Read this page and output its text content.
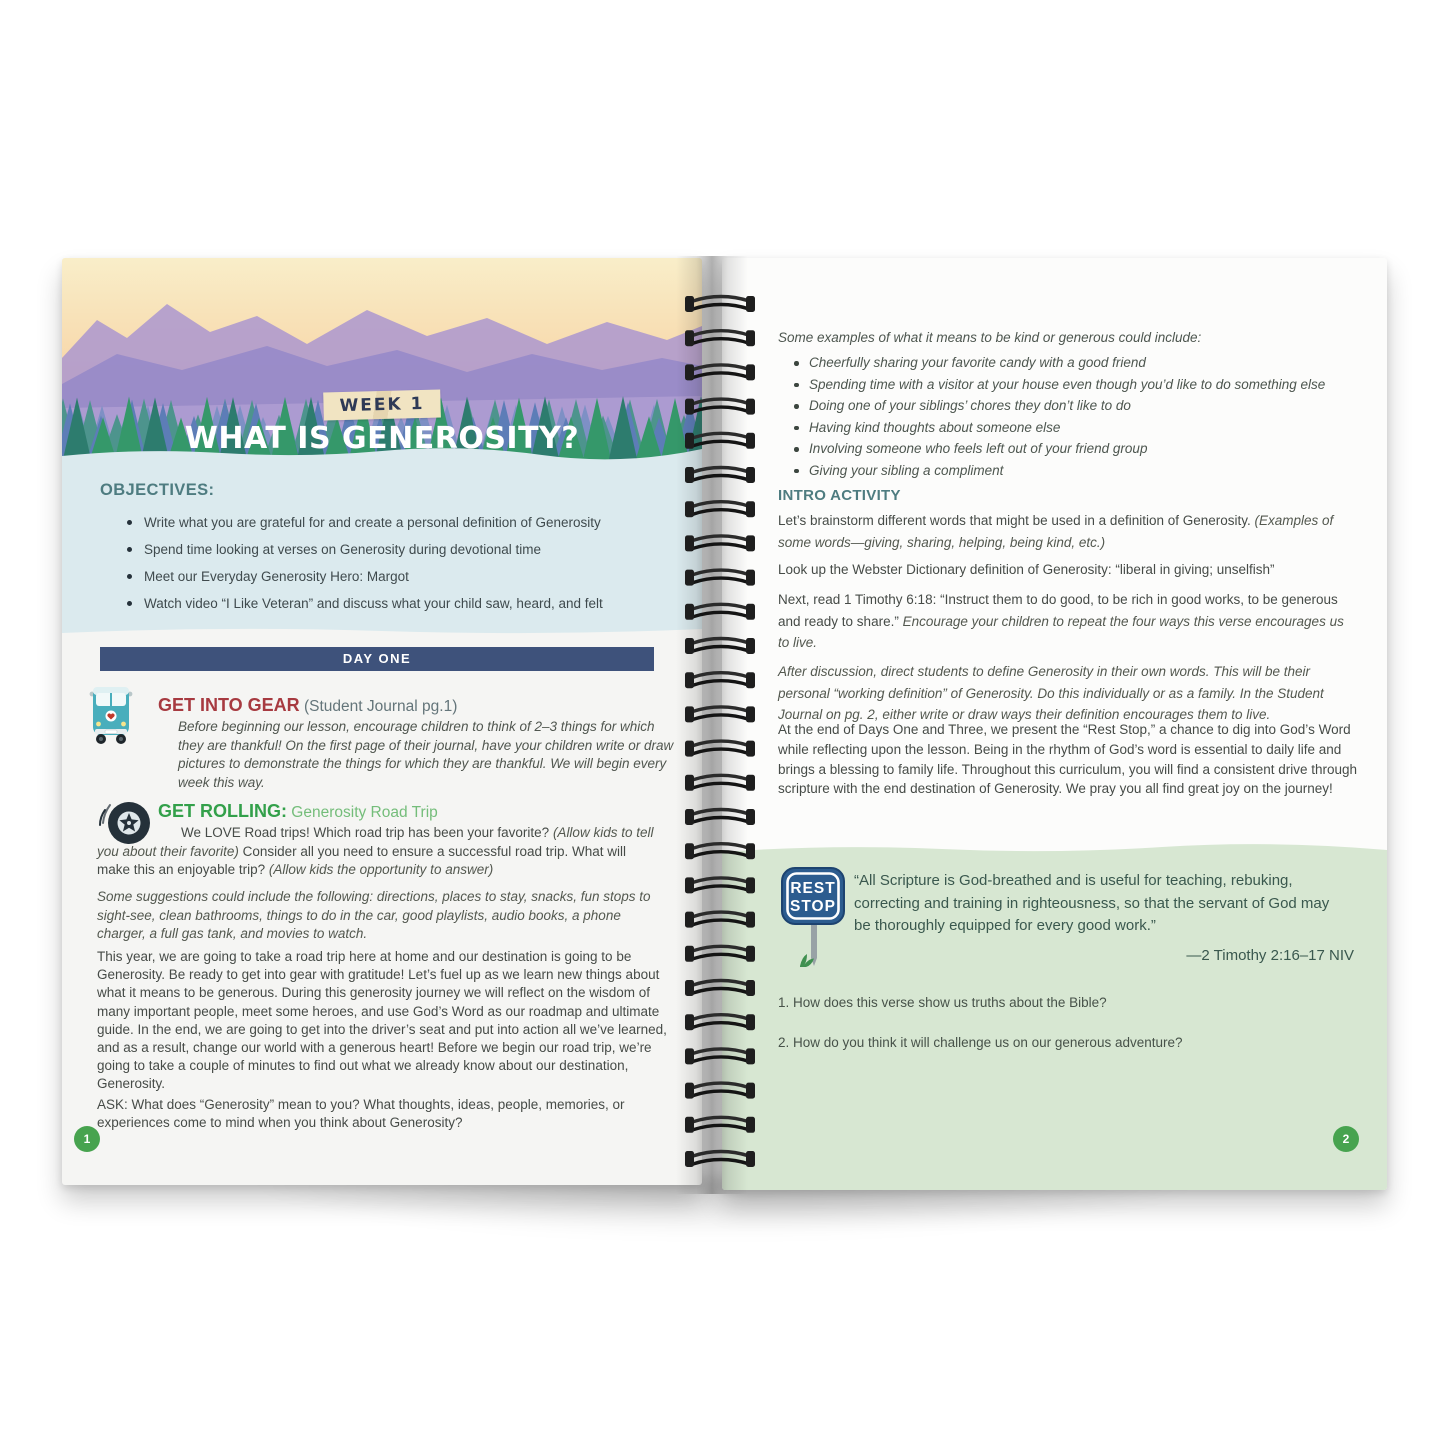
WEEK 1
WHAT IS GENEROSITY?
OBJECTIVES:
Write what you are grateful for and create a personal definition of Generosity
Spend time looking at verses on Generosity during devotional time
Meet our Everyday Generosity Hero: Margot
Watch video “I Like Veteran” and discuss what your child saw, heard, and felt
DAY ONE
GET INTO GEAR (Student Journal pg.1)
Before beginning our lesson, encourage children to think of 2–3 things for which they are thankful! On the first page of their journal, have your children write or draw pictures to demonstrate the things for which they are thankful. We will begin every week this way.
GET ROLLING: Generosity Road Trip
We LOVE Road trips! Which road trip has been your favorite? (Allow kids to tell you about their favorite) Consider all you need to ensure a successful road trip. What will make this an enjoyable trip? (Allow kids the opportunity to answer)
Some suggestions could include the following: directions, places to stay, snacks, fun stops to sight-see, clean bathrooms, things to do in the car, good playlists, audio books, a phone charger, a full gas tank, and movies to watch.
This year, we are going to take a road trip here at home and our destination is going to be Generosity. Be ready to get into gear with gratitude! Let’s fuel up as we learn new things about what it means to be generous. During this generosity journey we will reflect on the wisdom of many important people, meet some heroes, and use God’s Word as our roadmap and ultimate guide. In the end, we are going to get into the driver’s seat and put into action all we’ve learned, and as a result, change our world with a generous heart! Before we begin our road trip, we’re going to take a couple of minutes to find out what we already know about our destination, Generosity.
ASK: What does “Generosity” mean to you? What thoughts, ideas, people, memories, or experiences come to mind when you think about Generosity?
1
Some examples of what it means to be kind or generous could include:
Cheerfully sharing your favorite candy with a good friend
Spending time with a visitor at your house even though you’d like to do something else
Doing one of your siblings’ chores they don’t like to do
Having kind thoughts about someone else
Involving someone who feels left out of your friend group
Giving your sibling a compliment
INTRO ACTIVITY
Let’s brainstorm different words that might be used in a definition of Generosity. (Examples of some words—giving, sharing, helping, being kind, etc.)
Look up the Webster Dictionary definition of Generosity: “liberal in giving; unselfish”
Next, read 1 Timothy 6:18: “Instruct them to do good, to be rich in good works, to be generous and ready to share.” Encourage your children to repeat the four ways this verse encourages us to live.
After discussion, direct students to define Generosity in their own words. This will be their personal “working definition” of Generosity. Do this individually or as a family. In the Student Journal on pg. 2, either write or draw ways their definition encourages them to live.
At the end of Days One and Three, we present the “Rest Stop,” a chance to dig into God’s Word while reflecting upon the lesson. Being in the rhythm of God’s word is essential to daily life and brings a blessing to family life. Throughout this curriculum, you will find a consistent drive through scripture with the end destination of Generosity. We pray you all find great joy on the journey!
REST
STOP
“All Scripture is God-breathed and is useful for teaching, rebuking, correcting and training in righteousness, so that the servant of God may be thoroughly equipped for every good work.”
—2 Timothy 2:16–17 NIV
1. How does this verse show us truths about the Bible?
2. How do you think it will challenge us on our generous adventure?
2
